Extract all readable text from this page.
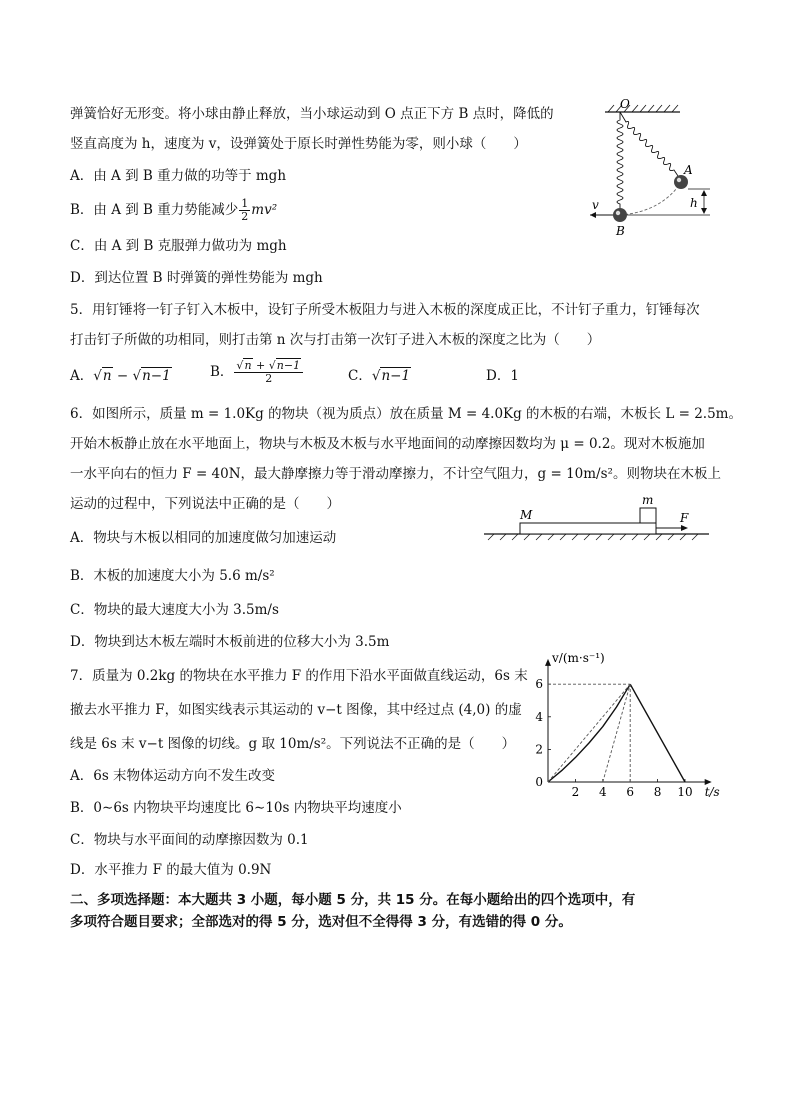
弹簧恰好无形变。将小球由静止释放，当小球运动到 O 点正下方 B 点时，降低的
竖直高度为 h，速度为 v，设弹簧处于原长时弹性势能为零，则小球（　　）
A．由 A 到 B 重力做的功等于 mgh
B．由 A 到 B 重力势能减少 $\frac{1}{2} mv^2$
C．由 A 到 B 克服弹力做功为 mgh
D．到达位置 B 时弹簧的弹性势能为 mgh
O
A
B
v	h
5．用钉锤将一钉子钉入木板中，设钉子所受木板阻力与进入木板的深度成正比，不计钉子重力，钉锤每次
打击钉子所做的功相同，则打击第 n 次与打击第一次钉子进入木板的深度之比为（　　）
A．√n − √n−1	B． $\frac{√n + √n-1}{2}$	C．√n−1	D．1
6．如图所示，质量 m = 1.0Kg 的物块（视为质点）放在质量 M = 4.0Kg 的木板的右端，木板长 L = 2.5m。
开始木板静止放在水平地面上，物块与木板及木板与水平地面间的动摩擦因数均为 μ = 0.2。现对木板施加
一水平向右的恒力 F = 40N，最大静摩擦力等于滑动摩擦力，不计空气阻力，g = 10m/s²。则物块在木板上
运动的过程中，下列说法中正确的是（　　）
A．物块与木板以相同的加速度做匀加速运动
B．木板的加速度大小为 5.6 m/s²
C．物块的最大速度大小为 3.5m/s
D．物块到达木板左端时木板前进的位移大小为 3.5m
M
m
F
7．质量为 0.2kg 的物块在水平推力 F 的作用下沿水平面做直线运动，6s 末
撤去水平推力 F，如图实线表示其运动的 v−t 图像，其中经过点 (4,0) 的虚
线是 6s 末 v−t 图像的切线。g 取 10m/s²。下列说法不正确的是（　　）
A．6s 末物体运动方向不发生改变
B．0∼6s 内物块平均速度比 6∼10s 内物块平均速度小
C．物块与水平面间的动摩擦因数为 0.1
D．水平推力 F 的最大值为 0.9N
2 4 6 8 10
0
2
4
6
v/(m·s⁻¹)
t/s
二、多项选择题：本大题共 3 小题，每小题 5 分，共 15 分。在每小题给出的四个选项中，有
多项符合题目要求；全部选对的得 5 分，选对但不全得得 3 分，有选错的得 0 分。
